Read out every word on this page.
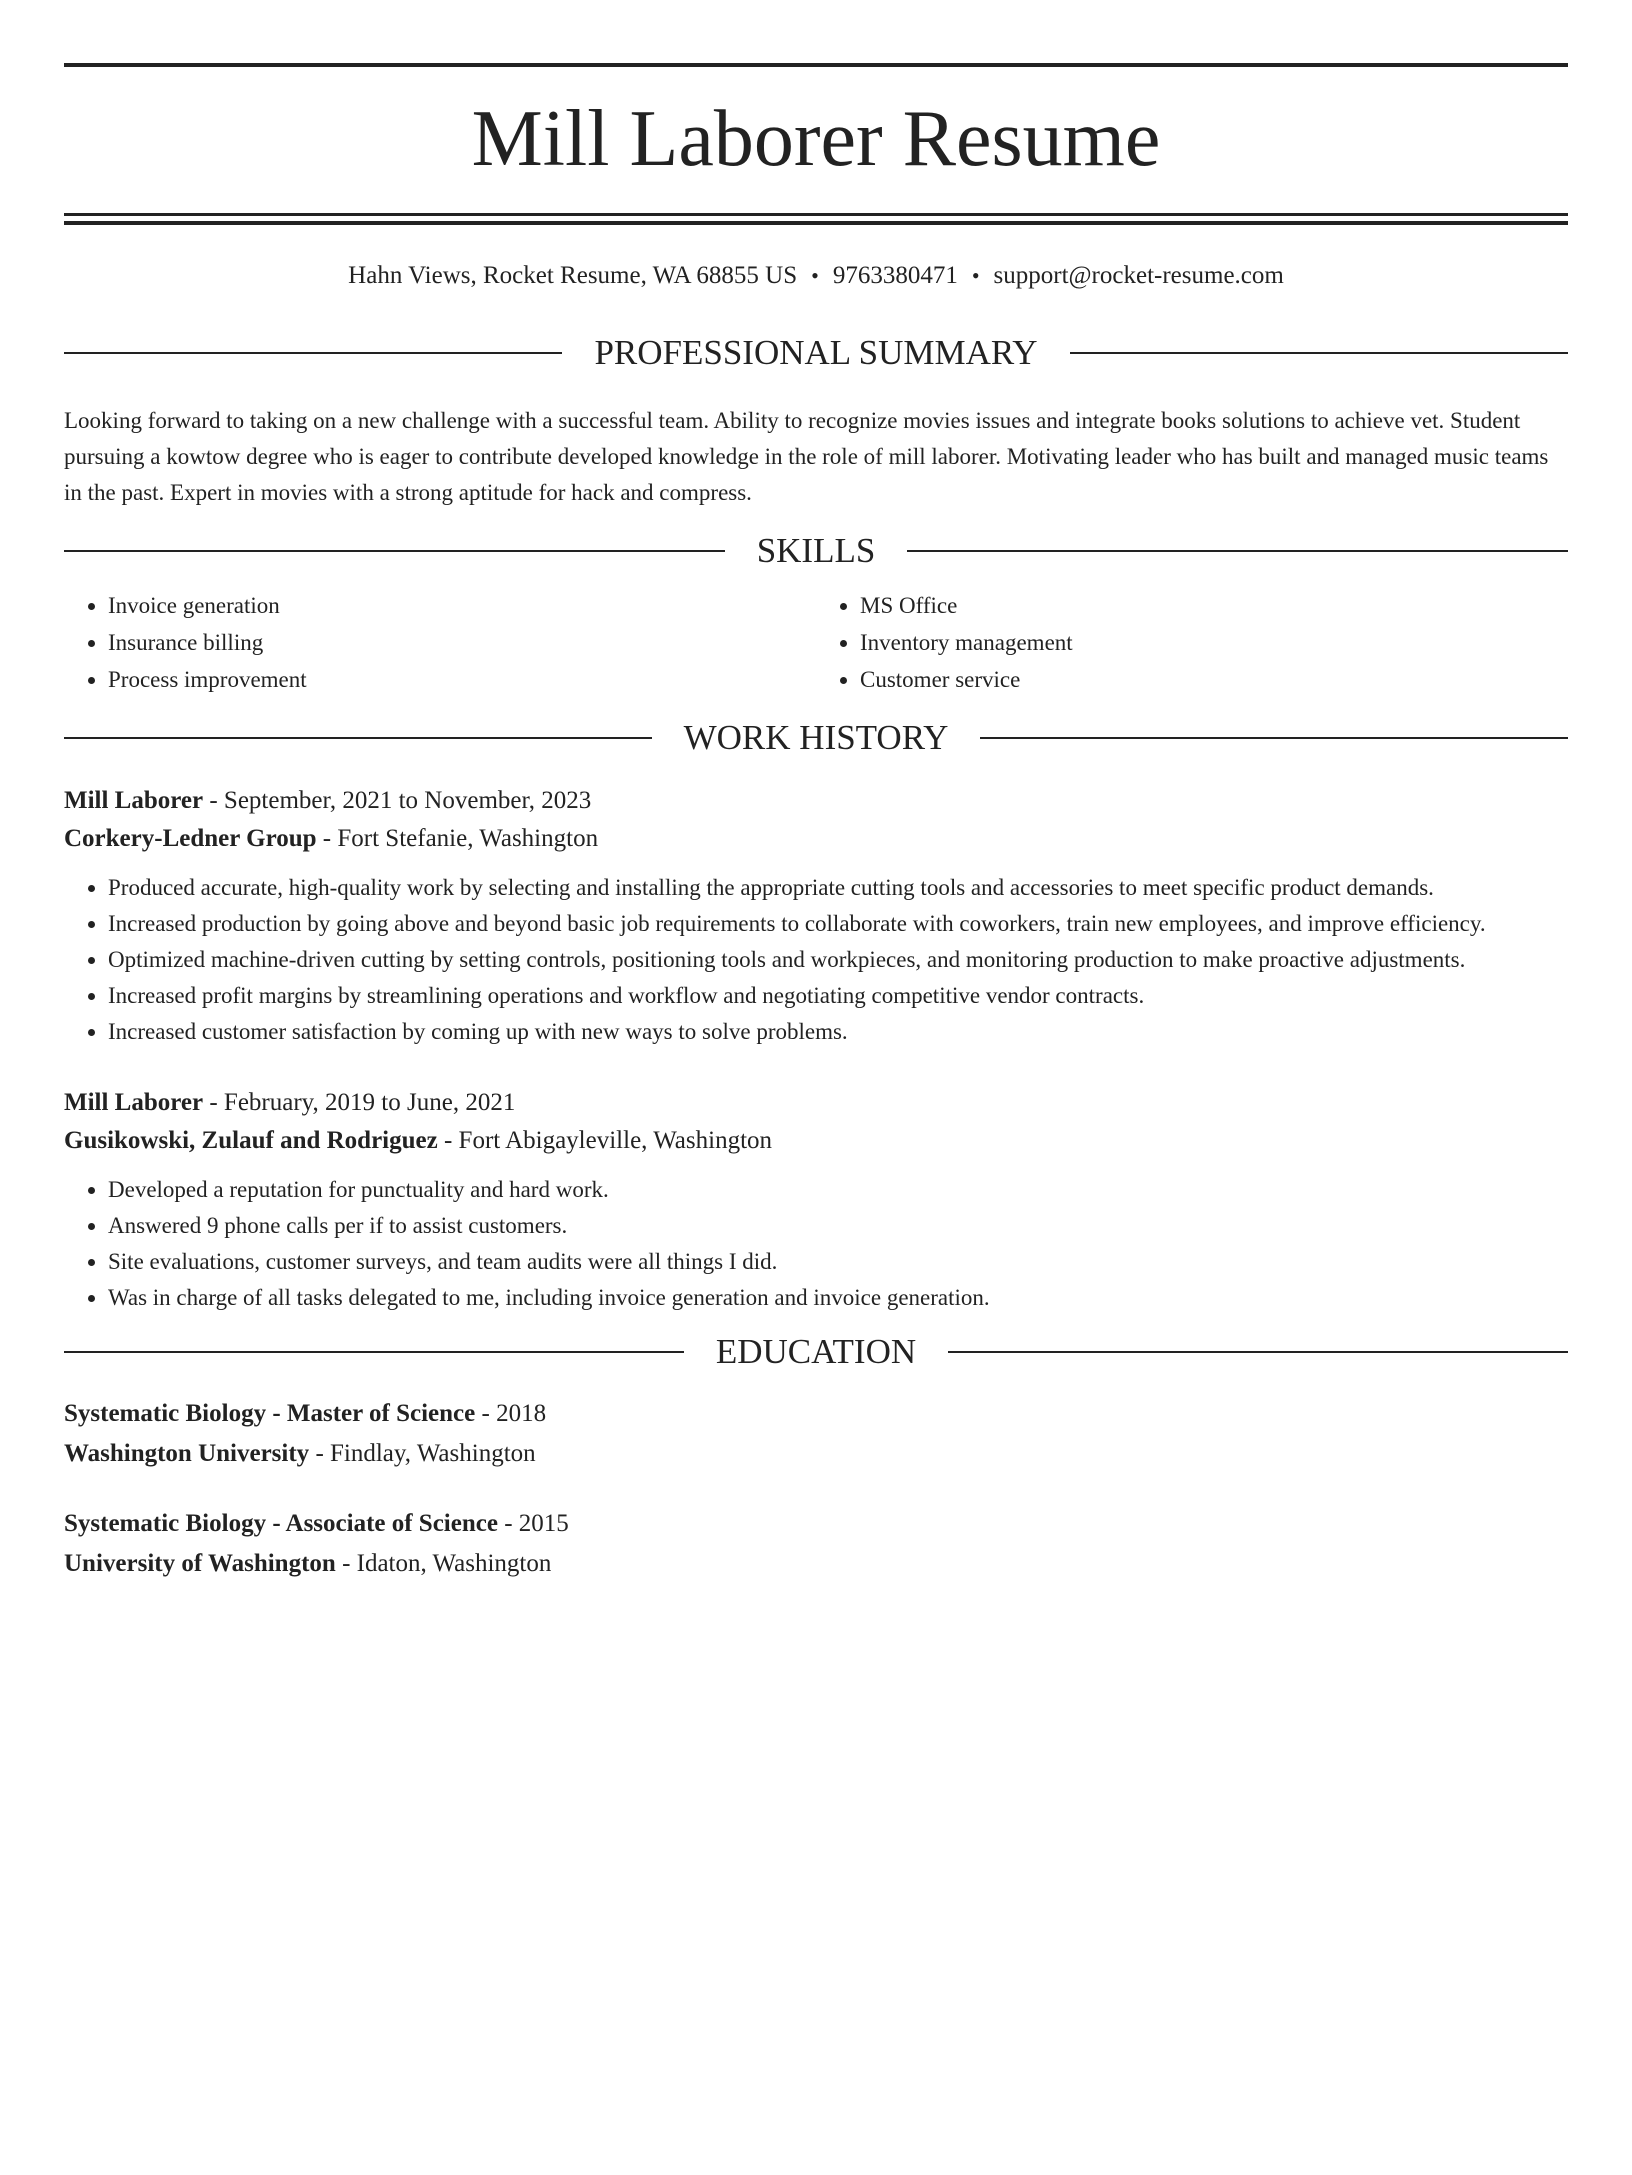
Mill Laborer Resume
Hahn Views, Rocket Resume, WA 68855 US • 9763380471 • support@rocket-resume.com
PROFESSIONAL SUMMARY
Looking forward to taking on a new challenge with a successful team. Ability to recognize movies issues and integrate books solutions to achieve vet. Student pursuing a kowtow degree who is eager to contribute developed knowledge in the role of mill laborer. Motivating leader who has built and managed music teams in the past. Expert in movies with a strong aptitude for hack and compress.
SKILLS
• Invoice generation
• Insurance billing
• Process improvement
• MS Office
• Inventory management
• Customer service
WORK HISTORY
Mill Laborer - September, 2021 to November, 2023
Corkery-Ledner Group - Fort Stefanie, Washington
• Produced accurate, high-quality work by selecting and installing the appropriate cutting tools and accessories to meet specific product demands.
• Increased production by going above and beyond basic job requirements to collaborate with coworkers, train new employees, and improve efficiency.
• Optimized machine-driven cutting by setting controls, positioning tools and workpieces, and monitoring production to make proactive adjustments.
• Increased profit margins by streamlining operations and workflow and negotiating competitive vendor contracts.
• Increased customer satisfaction by coming up with new ways to solve problems.
Mill Laborer - February, 2019 to June, 2021
Gusikowski, Zulauf and Rodriguez - Fort Abigayleville, Washington
• Developed a reputation for punctuality and hard work.
• Answered 9 phone calls per if to assist customers.
• Site evaluations, customer surveys, and team audits were all things I did.
• Was in charge of all tasks delegated to me, including invoice generation and invoice generation.
EDUCATION
Systematic Biology - Master of Science - 2018
Washington University - Findlay, Washington
Systematic Biology - Associate of Science - 2015
University of Washington - Idaton, Washington
